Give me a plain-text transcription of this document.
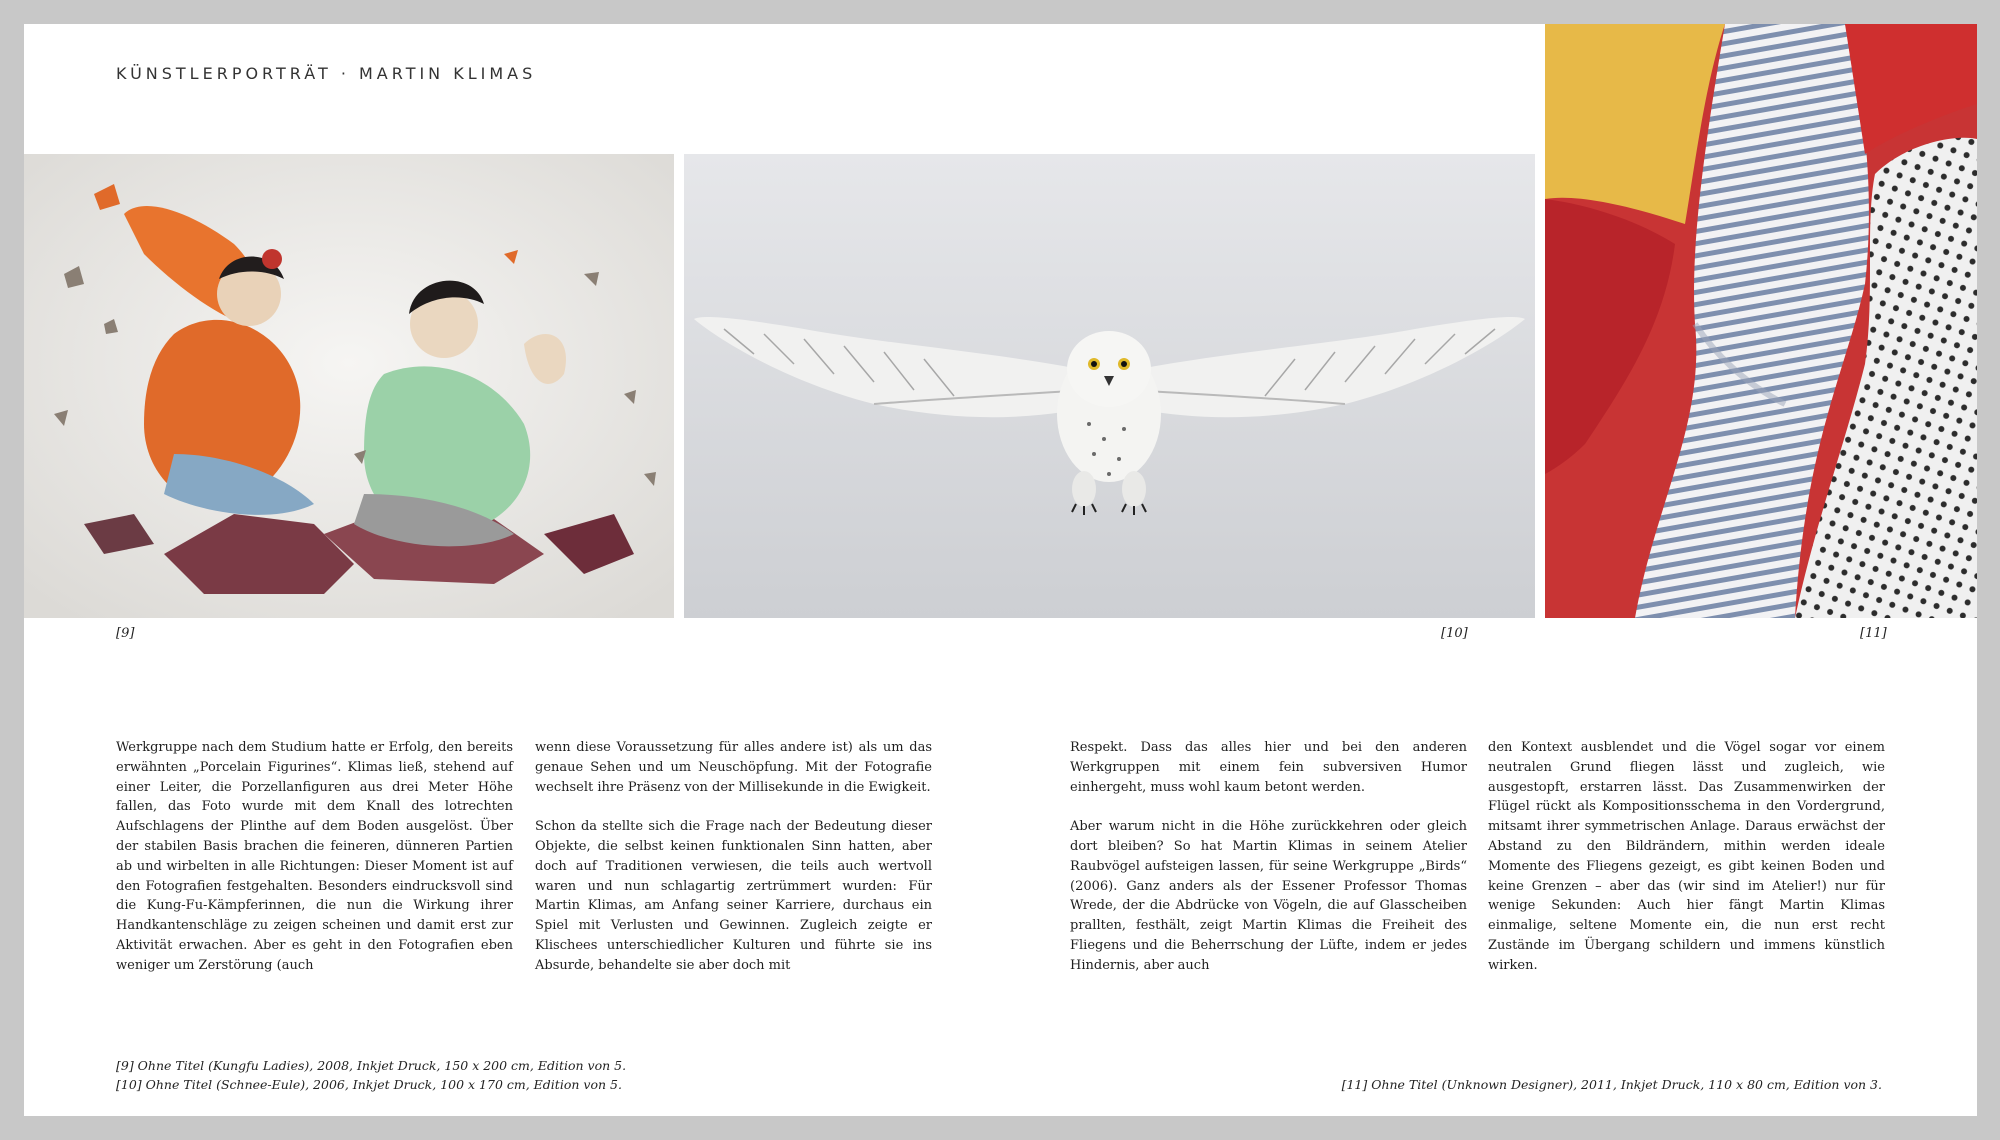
KÜNSTLERPORTRÄT · MARTIN KLIMAS
[9]	[10]	[11]

Werkgruppe nach dem Studium hatte er Erfolg, den bereits erwähnten „Porcelain Figurines“. Klimas ließ, stehend auf einer Leiter, die Porzellanfiguren aus drei Meter Höhe fallen, das Foto wurde mit dem Knall des lotrechten Aufschlagens der Plinthe auf dem Boden ausgelöst. Über der stabilen Basis brachen die feineren, dünneren Partien ab und wirbelten in alle Richtungen: Dieser Moment ist auf den Fotografien festgehalten. Besonders eindrucksvoll sind die Kung-Fu-Kämpferinnen, die nun die Wirkung ihrer Handkantenschläge zu zeigen scheinen und damit erst zur Aktivität erwachen. Aber es geht in den Fotografien eben weniger um Zerstörung (auch

wenn diese Voraussetzung für alles andere ist) als um das genaue Sehen und um Neuschöpfung. Mit der Fotografie wechselt ihre Präsenz von der Millisekunde in die Ewigkeit.

Schon da stellte sich die Frage nach der Bedeutung dieser Objekte, die selbst keinen funktionalen Sinn hatten, aber doch auf Traditionen verwiesen, die teils auch wertvoll waren und nun schlagartig zertrümmert wurden: Für Martin Klimas, am Anfang seiner Karriere, durchaus ein Spiel mit Verlusten und Gewinnen. Zugleich zeigte er Klischees unterschiedlicher Kulturen und führte sie ins Absurde, behandelte sie aber doch mit

Respekt. Dass das alles hier und bei den anderen Werkgruppen mit einem fein subversiven Humor einhergeht, muss wohl kaum betont werden.

Aber warum nicht in die Höhe zurückkehren oder gleich dort bleiben? So hat Martin Klimas in seinem Atelier Raubvögel aufsteigen lassen, für seine Werkgruppe „Birds“ (2006). Ganz anders als der Essener Professor Thomas Wrede, der die Abdrücke von Vögeln, die auf Glasscheiben prallten, festhält, zeigt Martin Klimas die Freiheit des Fliegens und die Beherrschung der Lüfte, indem er jedes Hindernis, aber auch

den Kontext ausblendet und die Vögel sogar vor einem neutralen Grund fliegen lässt und zugleich, wie ausgestopft, erstarren lässt. Das Zusammenwirken der Flügel rückt als Kompositionsschema in den Vordergrund, mitsamt ihrer symmetrischen Anlage. Daraus erwächst der Abstand zu den Bildrändern, mithin werden ideale Momente des Fliegens gezeigt, es gibt keinen Boden und keine Grenzen – aber das (wir sind im Atelier!) nur für wenige Sekunden: Auch hier fängt Martin Klimas einmalige, seltene Momente ein, die nun erst recht Zustände im Übergang schildern und immens künstlich wirken.

[9] Ohne Titel (Kungfu Ladies), 2008, Inkjet Druck, 150 x 200 cm, Edition von 5.
[10] Ohne Titel (Schnee-Eule), 2006, Inkjet Druck, 100 x 170 cm, Edition von 5.	[11] Ohne Titel (Unknown Designer), 2011, Inkjet Druck, 110 x 80 cm, Edition von 3.
